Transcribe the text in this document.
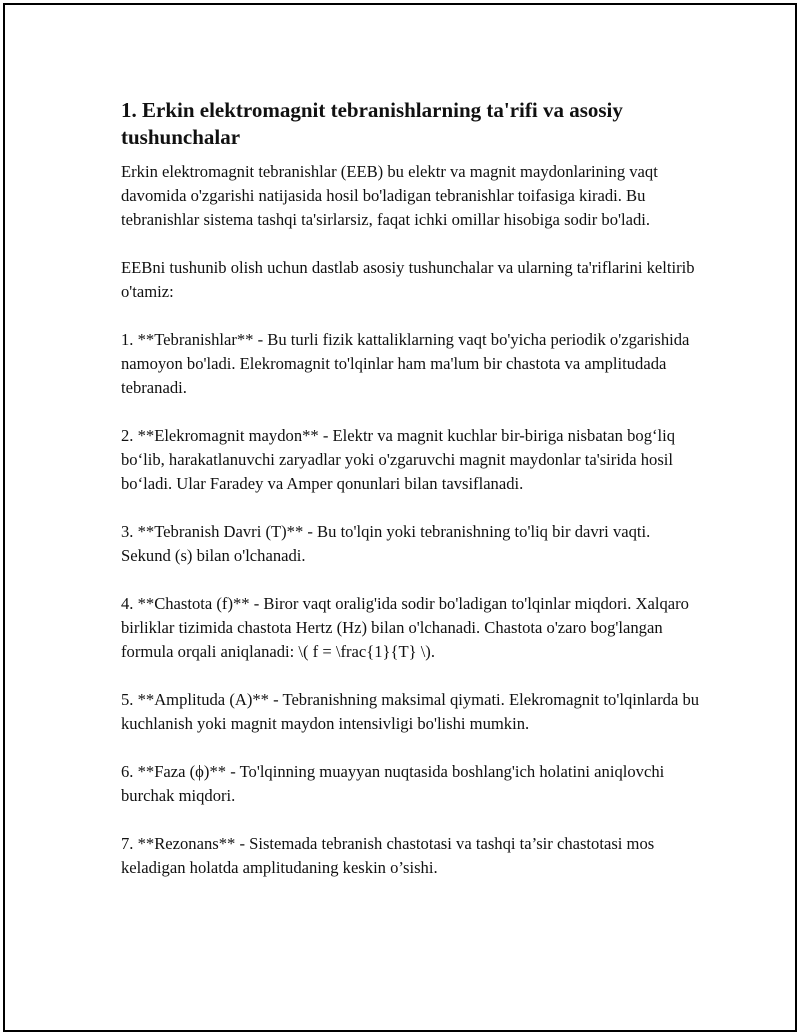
1. Erkin elektromagnit tebranishlarning ta'rifi va asosiy tushunchalar

Erkin elektromagnit tebranishlar (EEB) bu elektr va magnit maydonlarining vaqt davomida o'zgarishi natijasida hosil bo'ladigan tebranishlar toifasiga kiradi. Bu tebranishlar sistema tashqi ta'sirlarsiz, faqat ichki omillar hisobiga sodir bo'ladi.

EEBni tushunib olish uchun dastlab asosiy tushunchalar va ularning ta'riflarini keltirib o'tamiz:

1. **Tebranishlar** - Bu turli fizik kattaliklarning vaqt bo'yicha periodik o'zgarishida namoyon bo'ladi. Elekromagnit to'lqinlar ham ma'lum bir chastota va amplitudada tebranadi.

2. **Elekromagnit maydon** - Elektr va magnit kuchlar bir-biriga nisbatan bog‘liq bo‘lib, harakatlanuvchi zaryadlar yoki o'zgaruvchi magnit maydonlar ta'sirida hosil bo‘ladi. Ular Faradey va Amper qonunlari bilan tavsiflanadi.

3. **Tebranish Davri (T)** - Bu to'lqin yoki tebranishning to'liq bir davri vaqti. Sekund (s) bilan o'lchanadi.

4. **Chastota (f)** - Biror vaqt oralig'ida sodir bo'ladigan to'lqinlar miqdori. Xalqaro birliklar tizimida chastota Hertz (Hz) bilan o'lchanadi. Chastota o'zaro bog'langan formula orqali aniqlanadi: \( f = \frac{1}{T} \).

5. **Amplituda (A)** - Tebranishning maksimal qiymati. Elekromagnit to'lqinlarda bu kuchlanish yoki magnit maydon intensivligi bo'lishi mumkin.

6. **Faza (ϕ)** - To'lqinning muayyan nuqtasida boshlang'ich holatini aniqlovchi burchak miqdori.

7. **Rezonans** - Sistemada tebranish chastotasi va tashqi ta’sir chastotasi mos keladigan holatda amplitudaning keskin o’sishi.
